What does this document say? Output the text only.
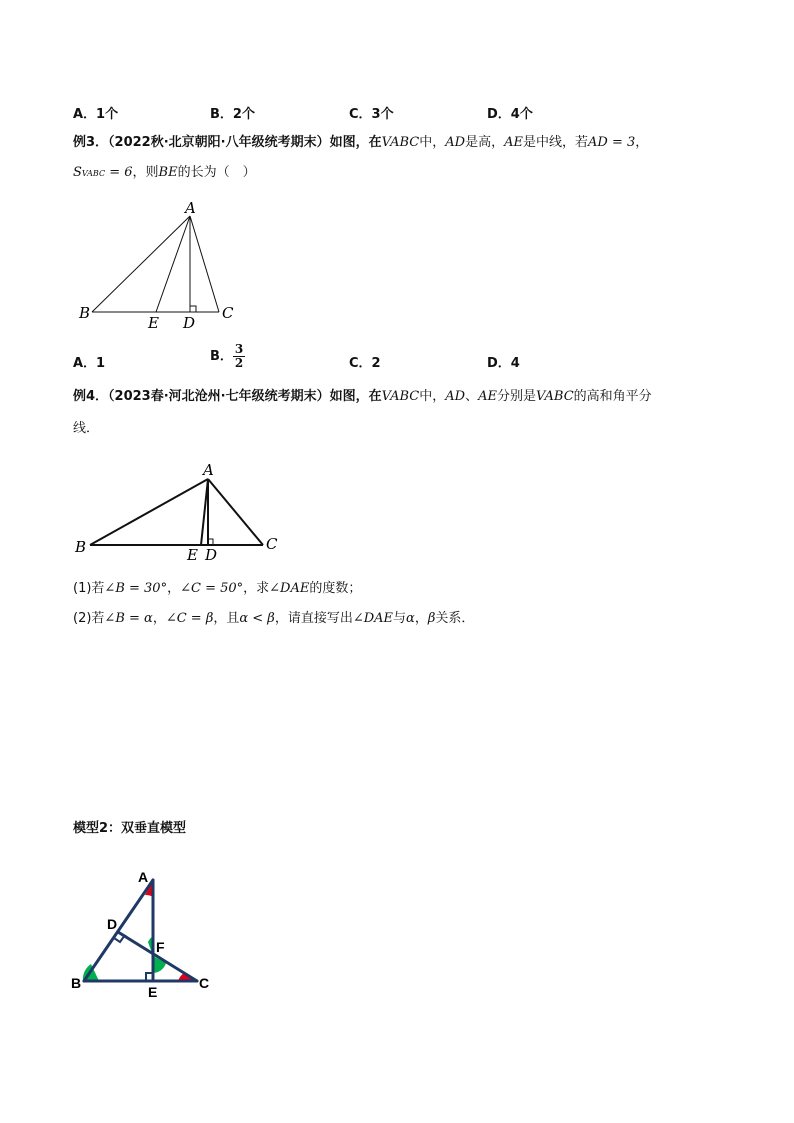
A．1个	B．2个	C．3个	D．4个
例3．（2022秋·北京朝阳·八年级统考期末）如图，在VABC中，AD是高，AE是中线，若AD = 3，
SVABC = 6，则BE的长为（　）
A
B
E D
C
A．1	B． $\frac{3}{2}$	C．2	D．4
例4．（2023春·河北沧州·七年级统考期末）如图，在VABC中，AD、AE分别是VABC的高和角平分
线．
A
B	E D
C
(1)若∠B = 30°，∠C = 50°，求∠DAE的度数；
(2)若∠B = α，∠C = β，且α < β，请直接写出∠DAE与α，β关系．
模型2：双垂直模型
A
D
F
B
E
C
